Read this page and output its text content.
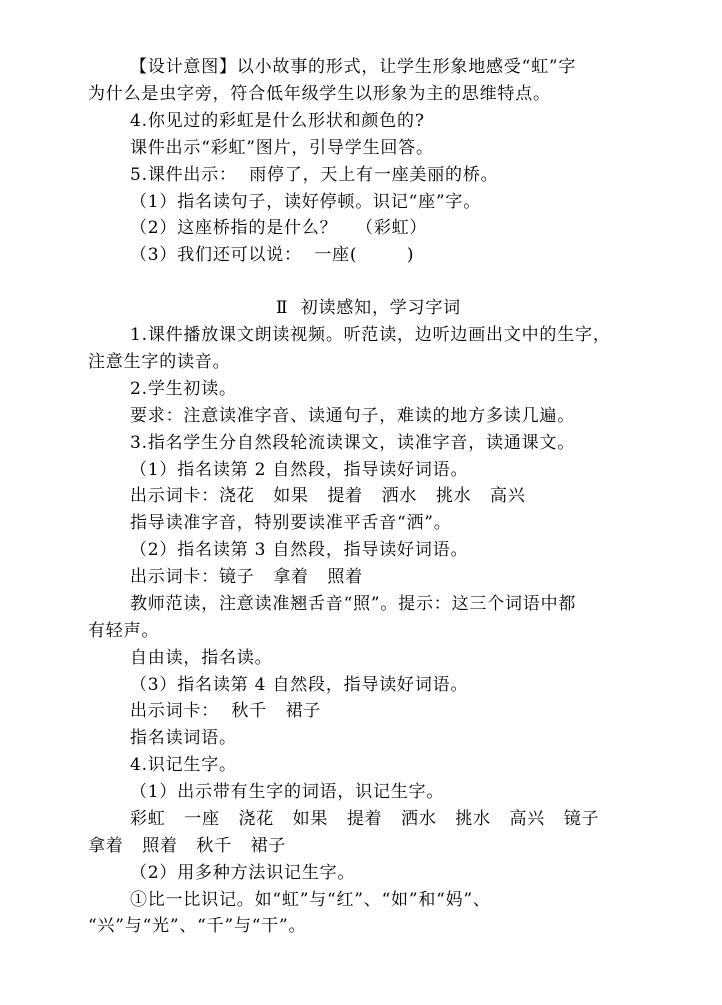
【设计意图】以小故事的形式，让学生形象地感受“虹”字
为什么是虫字旁，符合低年级学生以形象为主的思维特点。
4.你见过的彩虹是什么形状和颜色的?
课件出示“彩虹”图片，引导学生回答。
5.课件出示：  雨停了，天上有一座美丽的桥。
（1）指名读句子，读好停顿。识记“座”字。
（2）这座桥指的是什么？   （彩虹）
（3）我们还可以说：  一座(        )
Ⅱ  初读感知，学习字词
1.课件播放课文朗读视频。听范读，边听边画出文中的生字，
注意生字的读音。
2.学生初读。
要求：注意读准字音、读通句子，难读的地方多读几遍。
3.指名学生分自然段轮流读课文，读准字音，读通课文。
（1）指名读第 2 自然段，指导读好词语。
出示词卡：浇花   如果   提着   洒水   挑水   高兴
指导读准字音，特别要读准平舌音“洒”。
（2）指名读第 3 自然段，指导读好词语。
出示词卡：镜子   拿着   照着
教师范读，注意读准翘舌音“照”。提示：这三个词语中都
有轻声。
自由读，指名读。
（3）指名读第 4 自然段，指导读好词语。
出示词卡：  秋千   裙子
指名读词语。
4.识记生字。
（1）出示带有生字的词语，识记生字。
彩虹   一座   浇花   如果   提着   洒水   挑水   高兴   镜子
拿着   照着   秋千   裙子
（2）用多种方法识记生字。
①比一比识记。如“虹”与“红”、“如”和“妈”、
“兴”与“光”、“千”与“干”。
